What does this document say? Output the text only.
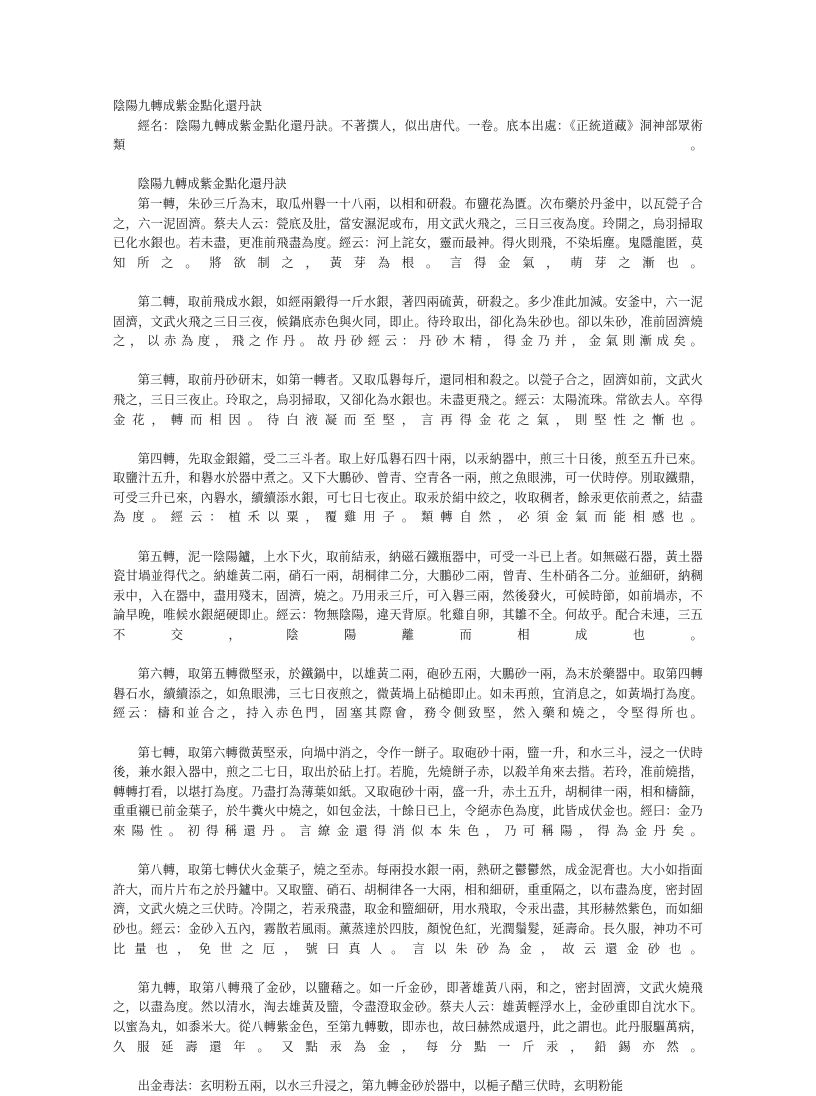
陰陽九轉成紫金點化還丹訣

經名：陰陽九轉成紫金點化還丹訣。不著撰人，似出唐代。一卷。底本出處：《正統道藏》洞神部眾術類。

陰陽九轉成紫金點化還丹訣

第一轉，朱砂三斤為末，取瓜州礜一十八兩，以相和研殺。布鹽花為匱。次布藥於丹釜中，以瓦甇子合之，六一泥固濟。蔡夫人云：甇底及肚，當安濕泥或布，用文武火飛之，三日三夜為度。玲開之，烏羽掃取已化水銀也。若未盡，更准前飛盡為度。經云：河上詫女，靈而最神。得火則飛，不染垢塵。鬼隱龍匿，莫知所之。將欲制之，黃芽為根。言得金氣，萌芽之漸也。

第二轉，取前飛成水銀，如經兩鍛得一斤水銀，著四兩硫黃，研殺之。多少准此加減。安釜中，六一泥固濟，文武火飛之三日三夜，候鍋底赤色與火同，即止。待玲取出，卻化為朱砂也。卻以朱砂，准前固濟燒之，以赤為度，飛之作丹。故丹砂經云：丹砂木精，得金乃并，金氣則漸成矣。

第三轉，取前丹砂研末，如第一轉者。又取瓜礜每斤，還同相和殺之。以甇子合之，固濟如前，文武火飛之，三日三夜止。玲取之，烏羽掃取，又卻化為水銀也。未盡更飛之。經云：太陽流珠。常欲去人。卒得金花，轉而相因。待白液凝而至堅，言再得金花之氣，則堅性之慚也。

第四轉，先取金銀鐺，受二三斗者。取上好瓜礜石四十兩，以汞納器中，煎三十日後，煎至五升已來。取鹽汁五升，和礜水於器中煮之。又下大鵬砂、曾青、空青各一兩，煎之魚眼沸，可一伏時停。別取鐵鼎，可受三升已來，內礜水，續續添水銀，可七日七夜止。取汞於絹中絞之，收取稠者，餘汞更依前煮之，結盡為度。經云：植禾以粟，覆雞用子。類轉自然，必須金氣而能相感也。

第五轉，泥一陰陽鑪，上水下火，取前結汞，納磁石鐵瓶器中，可受一斗已上者。如無磁石器，黃土器瓷甘堝並得代之。納雄黃二兩，硝石一兩，胡桐律二分，大鵬砂二兩，曾青、生朴硝各二分。並細研，納稠汞中，入在器中，盡用殘末，固濟，燒之。乃用汞三斤，可入礜三兩，然後發火，可候時節，如前堝赤，不論早晚，唯候水銀絕硬即止。經云：物無陰陽，違天背原。牝雞自卵，其雛不全。何故乎。配合未連，三五不交，陰陽離而相成也。

第六轉，取第五轉微堅汞，於鐵鍋中，以雄黃二兩，砲砂五兩，大鵬砂一兩，為末於藥器中。取第四轉礜石水，續續添之，如魚眼沸，三七日夜煎之，微黃堝上砧槌即止。如未再煎，宜消息之，如黃堝打為度。經云：檮和並合之，持入赤色門，固塞其際會，務令側致堅，然入藥和燒之，令堅得所也。

第七轉，取第六轉微黃堅汞，向堝中消之，令作一餅子。取砲砂十兩，盬一升，和水三斗，浸之一伏時後，兼水銀入器中，煎之二七日，取出於砧上打。若脆，先燒餅子赤，以殺羊角來去揩。若玲，准前燒揩，轉轉打看，以堪打為度。乃盡打為薄葉如紙。又取砲砂十兩，盛一升，赤土五升，胡桐律一兩，相和檮篩，重重襯已前金葉子，於牛糞火中燒之，如包金法，十餘日已上，令絕赤色為度，此皆成伏金也。經曰：金乃來陽性。初得稱還丹。言繚金還得消似本朱色，乃可稱陽，得為金丹矣。

第八轉，取第七轉伏火金葉子，燒之至赤。每兩投水銀一兩，熱研之鬱鬱然，成金泥膏也。大小如指面許大，而片片布之於丹鑪中。又取盬、硝石、胡桐律各一大兩，相和細研，重重隔之，以布盡為度，密封固濟，文武火燒之三伏時。冷開之，若汞飛盡，取金和盬細研，用水飛取，令汞出盡，其形赫然紫色，而如細砂也。經云：金砂入五內，霧散若風雨。薰蒸達於四肢，顏悅色紅，光潤鬚髮，延壽命。長久服，神功不可比量也，免世之厄，號曰真人。言以朱砂為金，故云還金砂也。

第九轉，取第八轉飛了金砂，以鹽藉之。如一斤金砂，即著雄黃八兩，和之，密封固濟，文武火燒飛之，以盡為度。然以清水，淘去雄黃及盬，令盡澄取金砂。蔡夫人云：雄黃輕浮水上，金砂重即自沈水下。以蜜為丸，如黍米大。從八轉紫金色，至第九轉數，即赤也，故曰赫然成還丹，此之謂也。此丹服驅萬病，久服延壽還年。又點汞為金，每分點一斤汞，鉛錫亦然。

出金毒法：玄明粉五兩，以水三升浸之，第九轉金砂於器中，以梔子醋三伏時，玄明粉能
